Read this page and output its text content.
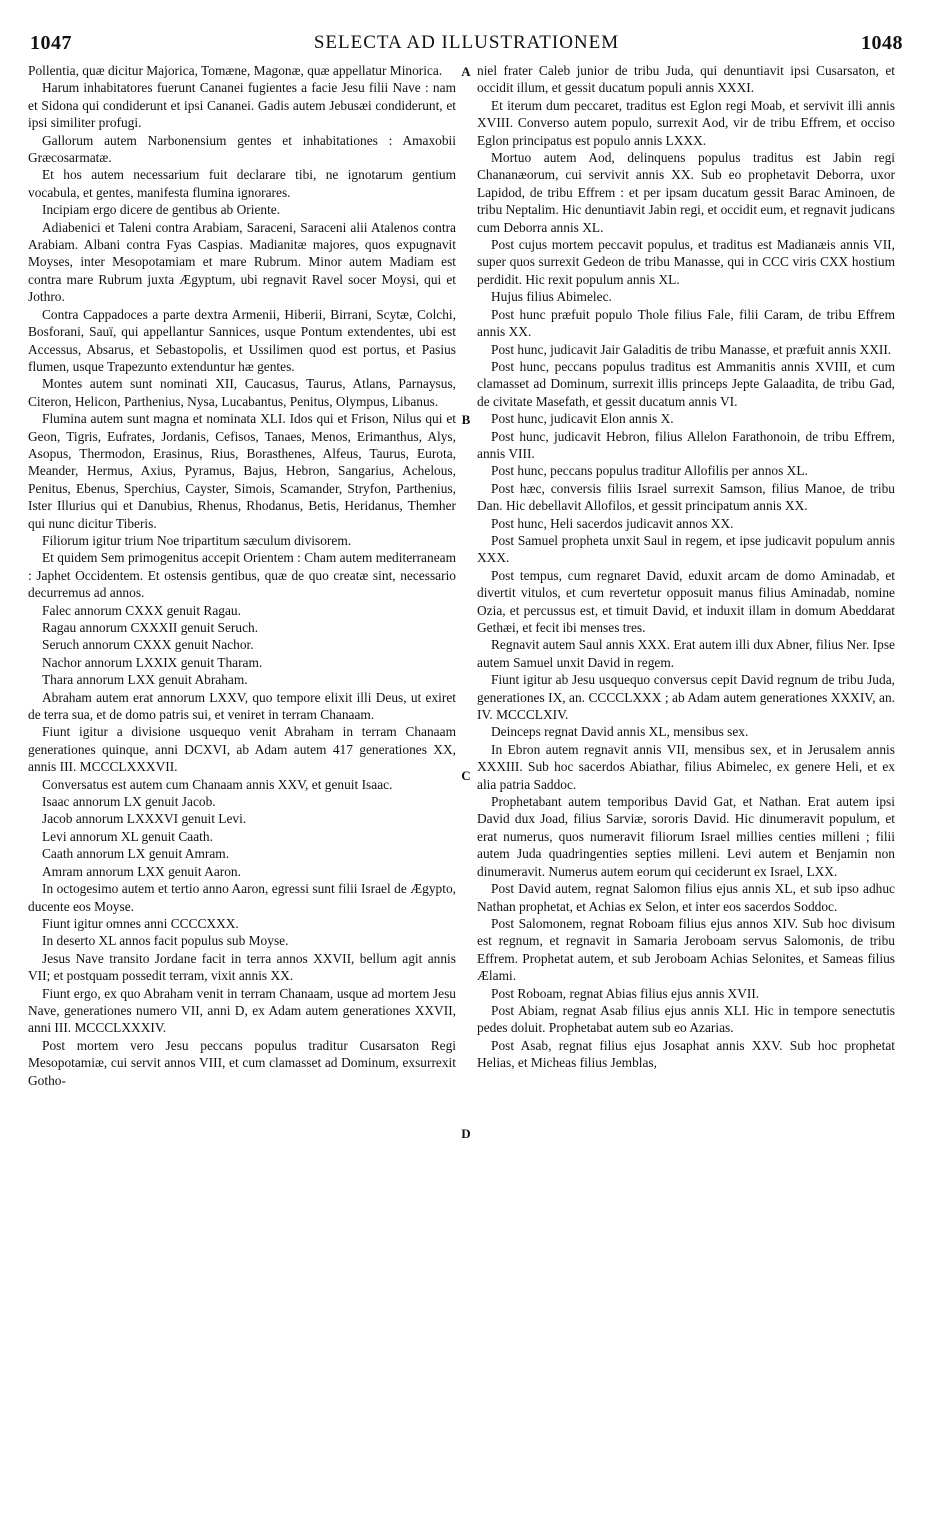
1047	SELECTA AD ILLUSTRATIONEM	1048
A
B
C
D

Pollentia, quæ dicitur Majorica, Tomæne, Magonæ, quæ appellatur Minorica.

Harum inhabitatores fuerunt Cananei fugientes a facie Jesu filii Nave : nam et Sidona qui condiderunt et ipsi Cananei. Gadis autem Jebusæi condiderunt, et ipsi similiter profugi.

Gallorum autem Narbonensium gentes et inhabitationes : Amaxobii Græcosarmatæ.

Et hos autem necessarium fuit declarare tibi, ne ignotarum gentium vocabula, et gentes, manifesta flumina ignorares.

Incipiam ergo dicere de gentibus ab Oriente.

Adiabenici et Taleni contra Arabiam, Saraceni, Saraceni alii Atalenos contra Arabiam. Albani contra Fyas Caspias. Madianitæ majores, quos expugnavit Moyses, inter Mesopotamiam et mare Rubrum. Minor autem Madiam est contra mare Rubrum juxta Ægyptum, ubi regnavit Ravel socer Moysi, qui et Jothro.

Contra Cappadoces a parte dextra Armenii, Hiberii, Birrani, Scytæ, Colchi, Bosforani, Sauï, qui appellantur Sannices, usque Pontum extendentes, ubi est Accessus, Absarus, et Sebastopolis, et Ussilimen quod est portus, et Pasius flumen, usque Trapezunto extenduntur hæ gentes.

Montes autem sunt nominati XII, Caucasus, Taurus, Atlans, Parnaysus, Citeron, Helicon, Parthenius, Nysa, Lucabantus, Penitus, Olympus, Libanus.

Flumina autem sunt magna et nominata XLI. Idos qui et Frison, Nilus qui et Geon, Tigris, Eufrates, Jordanis, Cefisos, Tanaes, Menos, Erimanthus, Alys, Asopus, Thermodon, Erasinus, Rius, Borasthenes, Alfeus, Taurus, Eurota, Meander, Hermus, Axius, Pyramus, Bajus, Hebron, Sangarius, Achelous, Penitus, Ebenus, Sperchius, Cayster, Simois, Scamander, Stryfon, Parthenius, Ister Illurius qui et Danubius, Rhenus, Rhodanus, Betis, Heridanus, Themher qui nunc dicitur Tiberis.

Filiorum igitur trium Noe tripartitum sæculum divisorem.

Et quidem Sem primogenitus accepit Orientem : Cham autem mediterraneam : Japhet Occidentem. Et ostensis gentibus, quæ de quo creatæ sint, necessario decurremus ad annos.

Falec annorum CXXX genuit Ragau.

Ragau annorum CXXXII genuit Seruch.

Seruch annorum CXXX genuit Nachor.

Nachor annorum LXXIX genuit Tharam.

Thara annorum LXX genuit Abraham.

Abraham autem erat annorum LXXV, quo tempore elixit illi Deus, ut exiret de terra sua, et de domo patris sui, et veniret in terram Chanaam.

Fiunt igitur a divisione usquequo venit Abraham in terram Chanaam generationes quinque, anni DCXVI, ab Adam autem 417 generationes XX, annis III. MCCCLXXXVII.

Conversatus est autem cum Chanaam annis XXV, et genuit Isaac.

Isaac annorum LX genuit Jacob.

Jacob annorum LXXXVI genuit Levi.

Levi annorum XL genuit Caath.

Caath annorum LX genuit Amram.

Amram annorum LXX genuit Aaron.

In octogesimo autem et tertio anno Aaron, egressi sunt filii Israel de Ægypto, ducente eos Moyse.

Fiunt igitur omnes anni CCCCXXX.

In deserto XL annos facit populus sub Moyse.

Jesus Nave transito Jordane facit in terra annos XXVII, bellum agit annis VII; et postquam possedit terram, vixit annis XX.

Fiunt ergo, ex quo Abraham venit in terram Chanaam, usque ad mortem Jesu Nave, generationes numero VII, anni D, ex Adam autem generationes XXVII, anni III. MCCCLXXXIV.

Post mortem vero Jesu peccans populus traditur Cusarsaton Regi Mesopotamiæ, cui servit annos VIII, et cum clamasset ad Dominum, exsurrexit Gotho-

niel frater Caleb junior de tribu Juda, qui denuntiavit ipsi Cusarsaton, et occidit illum, et gessit ducatum populi annis XXXI.

Et iterum dum peccaret, traditus est Eglon regi Moab, et servivit illi annis XVIII. Converso autem populo, surrexit Aod, vir de tribu Effrem, et occiso Eglon principatus est populo annis LXXX.

Mortuo autem Aod, delinquens populus traditus est Jabin regi Chananæorum, cui servivit annis XX. Sub eo prophetavit Deborra, uxor Lapidod, de tribu Effrem : et per ipsam ducatum gessit Barac Aminoen, de tribu Neptalim. Hic denuntiavit Jabin regi, et occidit eum, et regnavit judicans cum Deborra annis XL.

Post cujus mortem peccavit populus, et traditus est Madianæis annis VII, super quos surrexit Gedeon de tribu Manasse, qui in CCC viris CXX hostium perdidit. Hic rexit populum annis XL.

Hujus filius Abimelec.

Post hunc præfuit populo Thole filius Fale, filii Caram, de tribu Effrem annis XX.

Post hunc, judicavit Jair Galaditis de tribu Manasse, et præfuit annis XXII.

Post hunc, peccans populus traditus est Ammanitis annis XVIII, et cum clamasset ad Dominum, surrexit illis princeps Jepte Galaadita, de tribu Gad, de civitate Masefath, et gessit ducatum annis VI.

Post hunc, judicavit Elon annis X.

Post hunc, judicavit Hebron, filius Allelon Farathonoin, de tribu Effrem, annis VIII.

Post hunc, peccans populus traditur Allofilis per annos XL.

Post hæc, conversis filiis Israel surrexit Samson, filius Manoe, de tribu Dan. Hic debellavit Allofilos, et gessit principatum annis XX.

Post hunc, Heli sacerdos judicavit annos XX.

Post Samuel propheta unxit Saul in regem, et ipse judicavit populum annis XXX.

Post tempus, cum regnaret David, eduxit arcam de domo Aminadab, et divertit vitulos, et cum revertetur opposuit manus filius Aminadab, nomine Ozia, et percussus est, et timuit David, et induxit illam in domum Abeddarat Gethæi, et fecit ibi menses tres.

Regnavit autem Saul annis XXX. Erat autem illi dux Abner, filius Ner. Ipse autem Samuel unxit David in regem.

Fiunt igitur ab Jesu usquequo conversus cepit David regnum de tribu Juda, generationes IX, an. CCCCLXXX ; ab Adam autem generationes XXXIV, an. IV. MCCCLXIV.

Deinceps regnat David annis XL, mensibus sex.

In Ebron autem regnavit annis VII, mensibus sex, et in Jerusalem annis XXXIII. Sub hoc sacerdos Abiathar, filius Abimelec, ex genere Heli, et ex alia patria Saddoc.

Prophetabant autem temporibus David Gat, et Nathan. Erat autem ipsi David dux Joad, filius Sarviæ, sororis David. Hic dinumeravit populum, et erat numerus, quos numeravit filiorum Israel millies centies milleni ; filii autem Juda quadringenties septies milleni. Levi autem et Benjamin non dinumeravit. Numerus autem eorum qui ceciderunt ex Israel, LXX.

Post David autem, regnat Salomon filius ejus annis XL, et sub ipso adhuc Nathan prophetat, et Achias ex Selon, et inter eos sacerdos Soddoc.

Post Salomonem, regnat Roboam filius ejus annos XIV. Sub hoc divisum est regnum, et regnavit in Samaria Jeroboam servus Salomonis, de tribu Effrem. Prophetat autem, et sub Jeroboam Achias Selonites, et Sameas filius Ælami.

Post Roboam, regnat Abias filius ejus annis XVII.

Post Abiam, regnat Asab filius ejus annis XLI. Hic in tempore senectutis pedes doluit. Prophetabat autem sub eo Azarias.

Post Asab, regnat filius ejus Josaphat annis XXV. Sub hoc prophetat Helias, et Micheas filius Jemblas,
